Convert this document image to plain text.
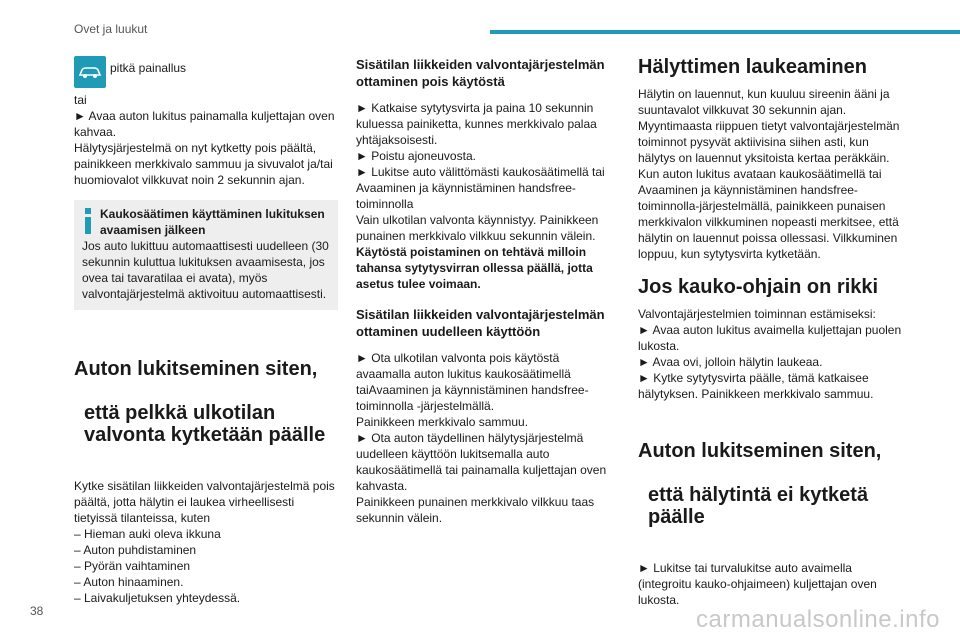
Ovet ja luukut
pitkä painallus

tai
► Avaa auton lukitus painamalla kuljettajan oven kahvaa.
Hälytysjärjestelmä on nyt kytketty pois päältä, painikkeen merkkivalo sammuu ja sivuvalot ja/tai huomiovalot vilkkuvat noin 2 sekunnin ajan.

Kaukosäätimen käyttäminen lukituksen avaamisen jälkeen

Jos auto lukittuu automaattisesti uudelleen (30 sekunnin kuluttua lukituksen avaamisesta, jos ovea tai tavaratilaa ei avata), myös valvontajärjestelmä aktivoituu automaattisesti.

Auton lukitseminen siten,

että pelkkä ulkotilan
valvonta kytketään päälle

Kytke sisätilan liikkeiden valvontajärjestelmä pois päältä, jotta hälytin ei laukea virheellisesti tietyissä tilanteissa, kuten
– Hieman auki oleva ikkuna
– Auton puhdistaminen
– Pyörän vaihtaminen
– Auton hinaaminen.
– Laivakuljetuksen yhteydessä.

Sisätilan liikkeiden valvontajärjestelmän ottaminen pois käytöstä

► Katkaise sytytysvirta ja paina 10 sekunnin kuluessa painiketta, kunnes merkkivalo palaa yhtäjaksoisesti.
► Poistu ajoneuvosta.
► Lukitse auto välittömästi kaukosäätimellä tai Avaaminen ja käynnistäminen handsfree-toiminnolla
Vain ulkotilan valvonta käynnistyy. Painikkeen punainen merkkivalo vilkkuu sekunnin välein.

Käytöstä poistaminen on tehtävä milloin tahansa sytytysvirran ollessa päällä, jotta asetus tulee voimaan.

Sisätilan liikkeiden valvontajärjestelmän ottaminen uudelleen käyttöön

► Ota ulkotilan valvonta pois käytöstä avaamalla auton lukitus kaukosäätimellä taiAvaaminen ja käynnistäminen handsfree-toiminnolla -järjestelmällä.
Painikkeen merkkivalo sammuu.
► Ota auton täydellinen hälytysjärjestelmä uudelleen käyttöön lukitsemalla auto kaukosäätimellä tai painamalla kuljettajan oven kahvasta.
Painikkeen punainen merkkivalo vilkkuu taas sekunnin välein.

Hälyttimen laukeaminen

Hälytin on lauennut, kun kuuluu sireenin ääni ja suuntavalot vilkkuvat 30 sekunnin ajan.
Myyntimaasta riippuen tietyt valvontajärjestelmän toiminnot pysyvät aktiivisina siihen asti, kun hälytys on lauennut yksitoista kertaa peräkkäin.
Kun auton lukitus avataan kaukosäätimellä tai Avaaminen ja käynnistäminen handsfree-toiminnolla-järjestelmällä, painikkeen punaisen merkkivalon vilkkuminen nopeasti merkitsee, että hälytin on lauennut poissa ollessasi. Vilkkuminen loppuu, kun sytytysvirta kytketään.

Jos kauko-ohjain on rikki

Valvontajärjestelmien toiminnan estämiseksi:
► Avaa auton lukitus avaimella kuljettajan puolen lukosta.
► Avaa ovi, jolloin hälytin laukeaa.
► Kytke sytytysvirta päälle, tämä katkaisee hälytyksen. Painikkeen merkkivalo sammuu.

Auton lukitseminen siten,

että hälytintä ei kytketä
päälle

► Lukitse tai turvalukitse auto avaimella (integroitu kauko-ohjaimeen) kuljettajan oven lukosta.

38	carmanualsonline.info
